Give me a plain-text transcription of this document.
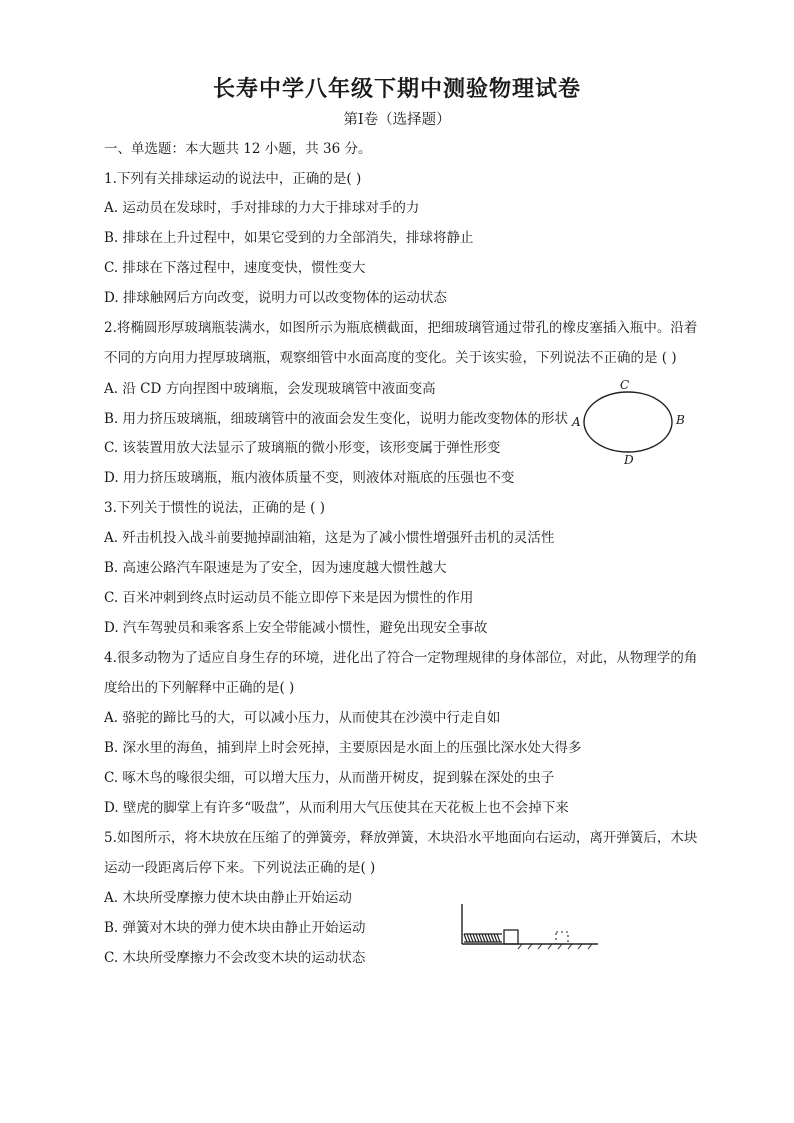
长寿中学八年级下期中测验物理试卷
第Ⅰ卷（选择题）
一、单选题：本大题共 12 小题，共 36 分。
1.下列有关排球运动的说法中，正确的是( )
A. 运动员在发球时，手对排球的力大于排球对手的力
B. 排球在上升过程中，如果它受到的力全部消失，排球将静止
C. 排球在下落过程中，速度变快，惯性变大
D. 排球触网后方向改变，说明力可以改变物体的运动状态
2.将椭圆形厚玻璃瓶装满水，如图所示为瓶底横截面，把细玻璃管通过带孔的橡皮塞插入瓶中。沿着
不同的方向用力捏厚玻璃瓶，观察细管中水面高度的变化。关于该实验，下列说法不正确的是 ( )
A. 沿 CD 方向捏图中玻璃瓶，会发现玻璃管中液面变高
B. 用力挤压玻璃瓶，细玻璃管中的液面会发生变化，说明力能改变物体的形状
C. 该装置用放大法显示了玻璃瓶的微小形变，该形变属于弹性形变
D. 用力挤压玻璃瓶，瓶内液体质量不变，则液体对瓶底的压强也不变
C
A	B
D
3.下列关于惯性的说法，正确的是 ( )
A. 歼击机投入战斗前要抛掉副油箱，这是为了减小惯性增强歼击机的灵活性
B. 高速公路汽车限速是为了安全，因为速度越大惯性越大
C. 百米冲刺到终点时运动员不能立即停下来是因为惯性的作用
D. 汽车驾驶员和乘客系上安全带能减小惯性，避免出现安全事故
4.很多动物为了适应自身生存的环境，进化出了符合一定物理规律的身体部位，对此，从物理学的角
度给出的下列解释中正确的是( )
A. 骆驼的蹄比马的大，可以减小压力，从而使其在沙漠中行走自如
B. 深水里的海鱼，捕到岸上时会死掉，主要原因是水面上的压强比深水处大得多
C. 啄木鸟的喙很尖细，可以增大压力，从而凿开树皮，捉到躲在深处的虫子
D. 壁虎的脚掌上有许多“吸盘”，从而利用大气压使其在天花板上也不会掉下来
5.如图所示，将木块放在压缩了的弹簧旁，释放弹簧，木块沿水平地面向右运动，离开弹簧后，木块
运动一段距离后停下来。下列说法正确的是( )
A. 木块所受摩擦力使木块由静止开始运动
B. 弹簧对木块的弹力使木块由静止开始运动
C. 木块所受摩擦力不会改变木块的运动状态
